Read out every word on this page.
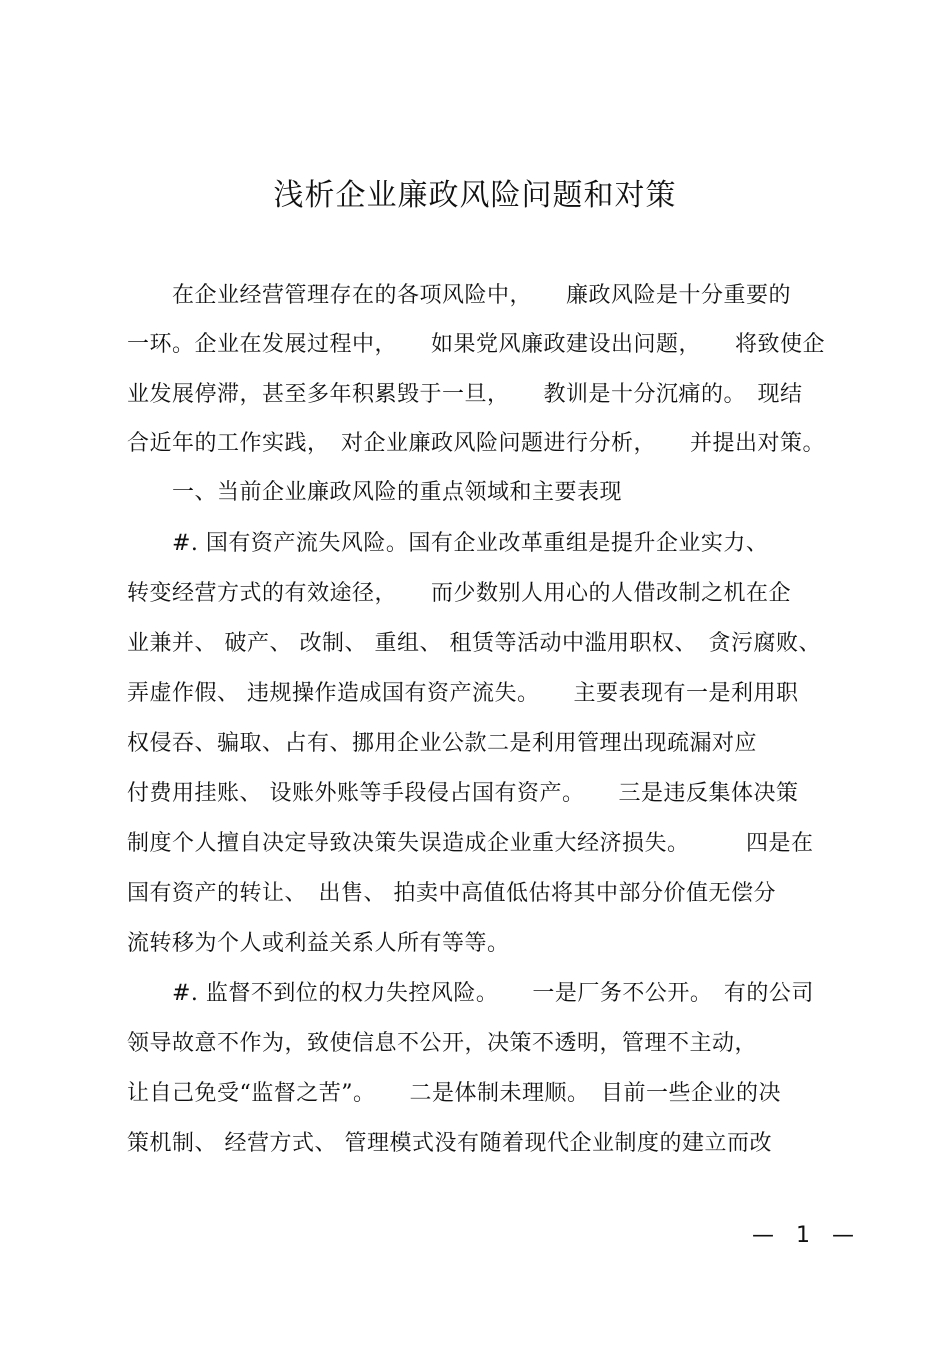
浅析企业廉政风险问题和对策
　　在企业经营管理存在的各项风险中，　　廉政风险是十分重要的
一环。企业在发展过程中，　　如果党风廉政建设出问题，　　将致使企
业发展停滞，甚至多年积累毁于一旦，　　教训是十分沉痛的。　现结
合近年的工作实践，　对企业廉政风险问题进行分析，　　并提出对策。
　　一、当前企业廉政风险的重点领域和主要表现
　　#. 国有资产流失风险。国有企业改革重组是提升企业实力、
转变经营方式的有效途径，　　而少数别人用心的人借改制之机在企
业兼并、 破产、 改制、 重组、 租赁等活动中滥用职权、　贪污腐败、
弄虚作假、 违规操作造成国有资产流失。　　主要表现有一是利用职
权侵吞、骗取、占有、挪用企业公款二是利用管理出现疏漏对应
付费用挂账、 设账外账等手段侵占国有资产。　　三是违反集体决策
制度个人擅自决定导致决策失误造成企业重大经济损失。　　　四是在
国有资产的转让、　出售、 拍卖中高值低估将其中部分价值无偿分
流转移为个人或利益关系人所有等等。
　　#. 监督不到位的权力失控风险。　　一是厂务不公开。　有的公司
领导故意不作为，致使信息不公开，决策不透明，管理不主动，
让自己免受“监督之苦”。　　二是体制未理顺。　目前一些企业的决
策机制、 经营方式、 管理模式没有随着现代企业制度的建立而改
—　1　—
